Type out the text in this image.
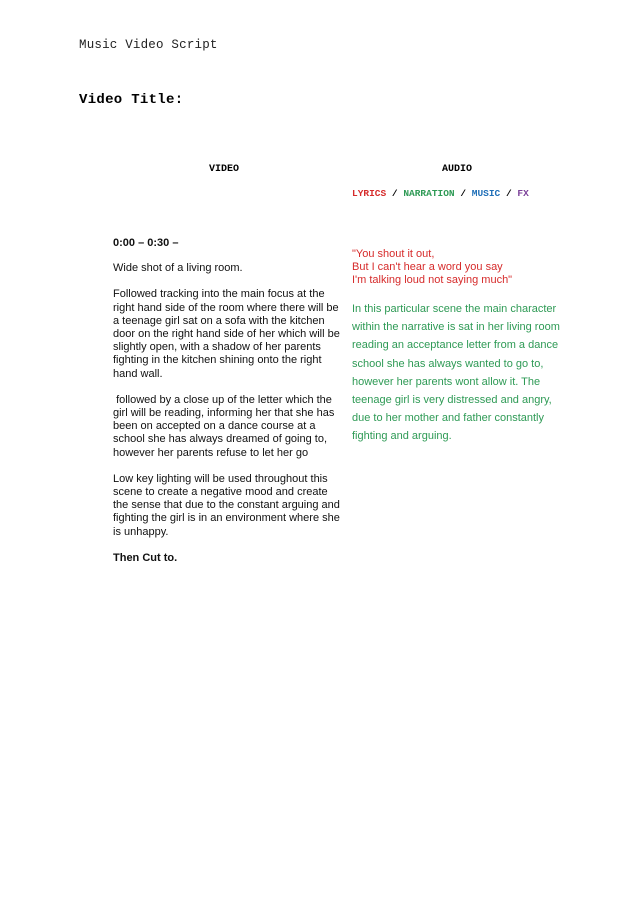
Music Video Script
Video Title:
VIDEO	AUDIO
LYRICS / NARRATION / MUSIC / FX

0:00 – 0:30 –

Wide shot of a living room.

Followed tracking into the main focus at the right hand side of the room where there will be a teenage girl sat on a sofa with the kitchen door on the right hand side of her which will be slightly open, with a shadow of her parents fighting in the kitchen shining onto the right hand wall.

followed by a close up of the letter which the girl will be reading, informing her that she has been on accepted on a dance course at a school she has always dreamed of going to, however her parents refuse to let her go

Low key lighting will be used throughout this scene to create a negative mood and create the sense that due to the constant arguing and fighting the girl is in an environment where she is unhappy.

Then Cut to.

"You shout it out,
But I can't hear a word you say
I'm talking loud not saying much"

In this particular scene the main character within the narrative is sat in her living room reading an acceptance letter from a dance school she has always wanted to go to, however her parents wont allow it. The teenage girl is very distressed and angry, due to her mother and father constantly fighting and arguing.
